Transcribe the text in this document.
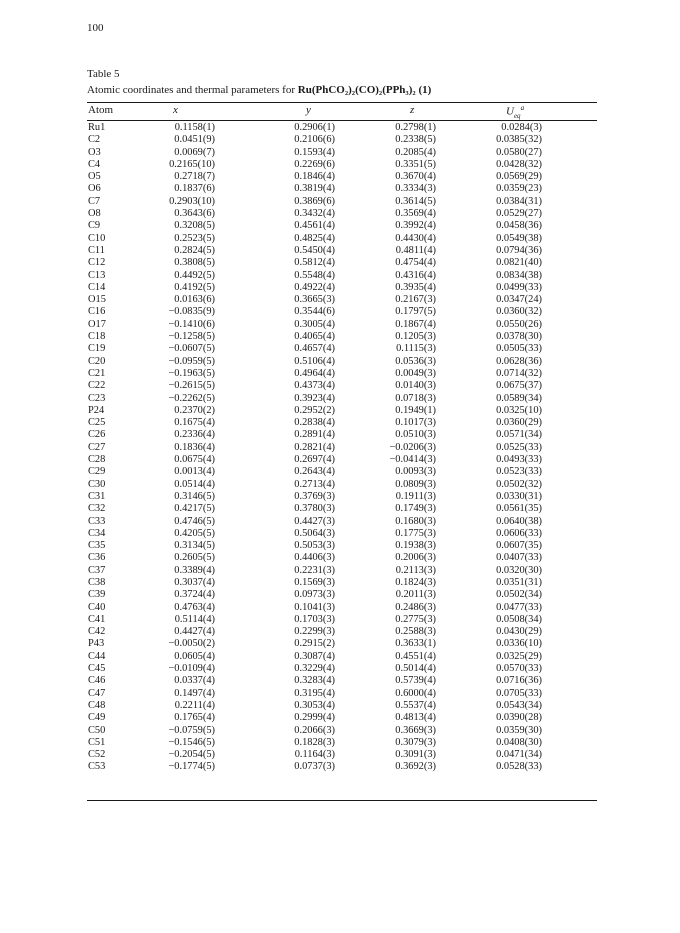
100
Table 5
Atomic coordinates and thermal parameters for Ru(PhCO₂)₂(CO)₂(PPh₃)₂ (1)
Atom	x	y	z	$U_{eq}^a$
Ru1	0.1158(1)	0.2906(1)	0.2798(1)	0.0284(3)
C2	0.0451(9)	0.2106(6)	0.2338(5)	0.0385(32)
O3	0.0069(7)	0.1593(4)	0.2085(4)	0.0580(27)
C4	0.2165(10)	0.2269(6)	0.3351(5)	0.0428(32)
O5	0.2718(7)	0.1846(4)	0.3670(4)	0.0569(29)
O6	0.1837(6)	0.3819(4)	0.3334(3)	0.0359(23)
C7	0.2903(10)	0.3869(6)	0.3614(5)	0.0384(31)
O8	0.3643(6)	0.3432(4)	0.3569(4)	0.0529(27)
C9	0.3208(5)	0.4561(4)	0.3992(4)	0.0458(36)
C10	0.2523(5)	0.4825(4)	0.4430(4)	0.0549(38)
C11	0.2824(5)	0.5450(4)	0.4811(4)	0.0794(36)
C12	0.3808(5)	0.5812(4)	0.4754(4)	0.0821(40)
C13	0.4492(5)	0.5548(4)	0.4316(4)	0.0834(38)
C14	0.4192(5)	0.4922(4)	0.3935(4)	0.0499(33)
O15	0.0163(6)	0.3665(3)	0.2167(3)	0.0347(24)
C16	−0.0835(9)	0.3544(6)	0.1797(5)	0.0360(32)
O17	−0.1410(6)	0.3005(4)	0.1867(4)	0.0550(26)
C18	−0.1258(5)	0.4065(4)	0.1205(3)	0.0378(30)
C19	−0.0607(5)	0.4657(4)	0.1115(3)	0.0505(33)
C20	−0.0959(5)	0.5106(4)	0.0536(3)	0.0628(36)
C21	−0.1963(5)	0.4964(4)	0.0049(3)	0.0714(32)
C22	−0.2615(5)	0.4373(4)	0.0140(3)	0.0675(37)
C23	−0.2262(5)	0.3923(4)	0.0718(3)	0.0589(34)
P24	0.2370(2)	0.2952(2)	0.1949(1)	0.0325(10)
C25	0.1675(4)	0.2838(4)	0.1017(3)	0.0360(29)
C26	0.2336(4)	0.2891(4)	0.0510(3)	0.0571(34)
C27	0.1836(4)	0.2821(4)	−0.0206(3)	0.0525(33)
C28	0.0675(4)	0.2697(4)	−0.0414(3)	0.0493(33)
C29	0.0013(4)	0.2643(4)	0.0093(3)	0.0523(33)
C30	0.0514(4)	0.2713(4)	0.0809(3)	0.0502(32)
C31	0.3146(5)	0.3769(3)	0.1911(3)	0.0330(31)
C32	0.4217(5)	0.3780(3)	0.1749(3)	0.0561(35)
C33	0.4746(5)	0.4427(3)	0.1680(3)	0.0640(38)
C34	0.4205(5)	0.5064(3)	0.1775(3)	0.0606(33)
C35	0.3134(5)	0.5053(3)	0.1938(3)	0.0607(35)
C36	0.2605(5)	0.4406(3)	0.2006(3)	0.0407(33)
C37	0.3389(4)	0.2231(3)	0.2113(3)	0.0320(30)
C38	0.3037(4)	0.1569(3)	0.1824(3)	0.0351(31)
C39	0.3724(4)	0.0973(3)	0.2011(3)	0.0502(34)
C40	0.4763(4)	0.1041(3)	0.2486(3)	0.0477(33)
C41	0.5114(4)	0.1703(3)	0.2775(3)	0.0508(34)
C42	0.4427(4)	0.2299(3)	0.2588(3)	0.0430(29)
P43	−0.0050(2)	0.2915(2)	0.3633(1)	0.0336(10)
C44	0.0605(4)	0.3087(4)	0.4551(4)	0.0325(29)
C45	−0.0109(4)	0.3229(4)	0.5014(4)	0.0570(33)
C46	0.0337(4)	0.3283(4)	0.5739(4)	0.0716(36)
C47	0.1497(4)	0.3195(4)	0.6000(4)	0.0705(33)
C48	0.2211(4)	0.3053(4)	0.5537(4)	0.0543(34)
C49	0.1765(4)	0.2999(4)	0.4813(4)	0.0390(28)
C50	−0.0759(5)	0.2066(3)	0.3669(3)	0.0359(30)
C51	−0.1546(5)	0.1828(3)	0.3079(3)	0.0408(30)
C52	−0.2054(5)	0.1164(3)	0.3091(3)	0.0471(34)
C53	−0.1774(5)	0.0737(3)	0.3692(3)	0.0528(33)
